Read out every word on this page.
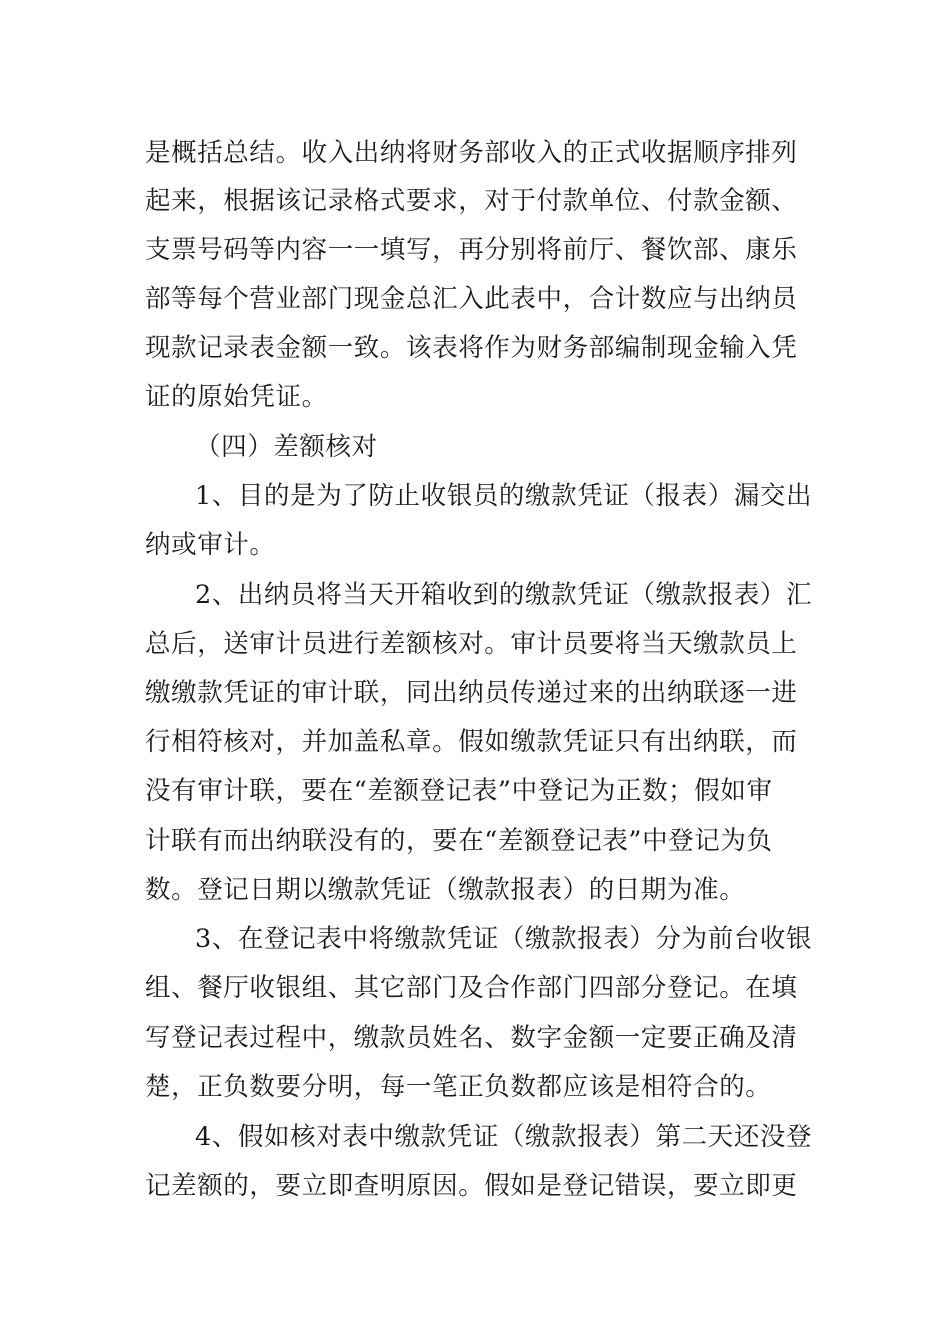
是概括总结。收入出纳将财务部收入的正式收据顺序排列
起来，根据该记录格式要求，对于付款单位、付款金额、
支票号码等内容一一填写，再分别将前厅、餐饮部、康乐
部等每个营业部门现金总汇入此表中，合计数应与出纳员
现款记录表金额一致。该表将作为财务部编制现金输入凭
证的原始凭证。
（四）差额核对
1、目的是为了防止收银员的缴款凭证（报表）漏交出
纳或审计。
2、出纳员将当天开箱收到的缴款凭证（缴款报表）汇
总后，送审计员进行差额核对。审计员要将当天缴款员上
缴缴款凭证的审计联，同出纳员传递过来的出纳联逐一进
行相符核对，并加盖私章。假如缴款凭证只有出纳联，而
没有审计联，要在“差额登记表”中登记为正数；假如审
计联有而出纳联没有的，要在“差额登记表”中登记为负
数。登记日期以缴款凭证（缴款报表）的日期为准。
3、在登记表中将缴款凭证（缴款报表）分为前台收银
组、餐厅收银组、其它部门及合作部门四部分登记。在填
写登记表过程中，缴款员姓名、数字金额一定要正确及清
楚，正负数要分明，每一笔正负数都应该是相符合的。
4、假如核对表中缴款凭证（缴款报表）第二天还没登
记差额的，要立即查明原因。假如是登记错误，要立即更
